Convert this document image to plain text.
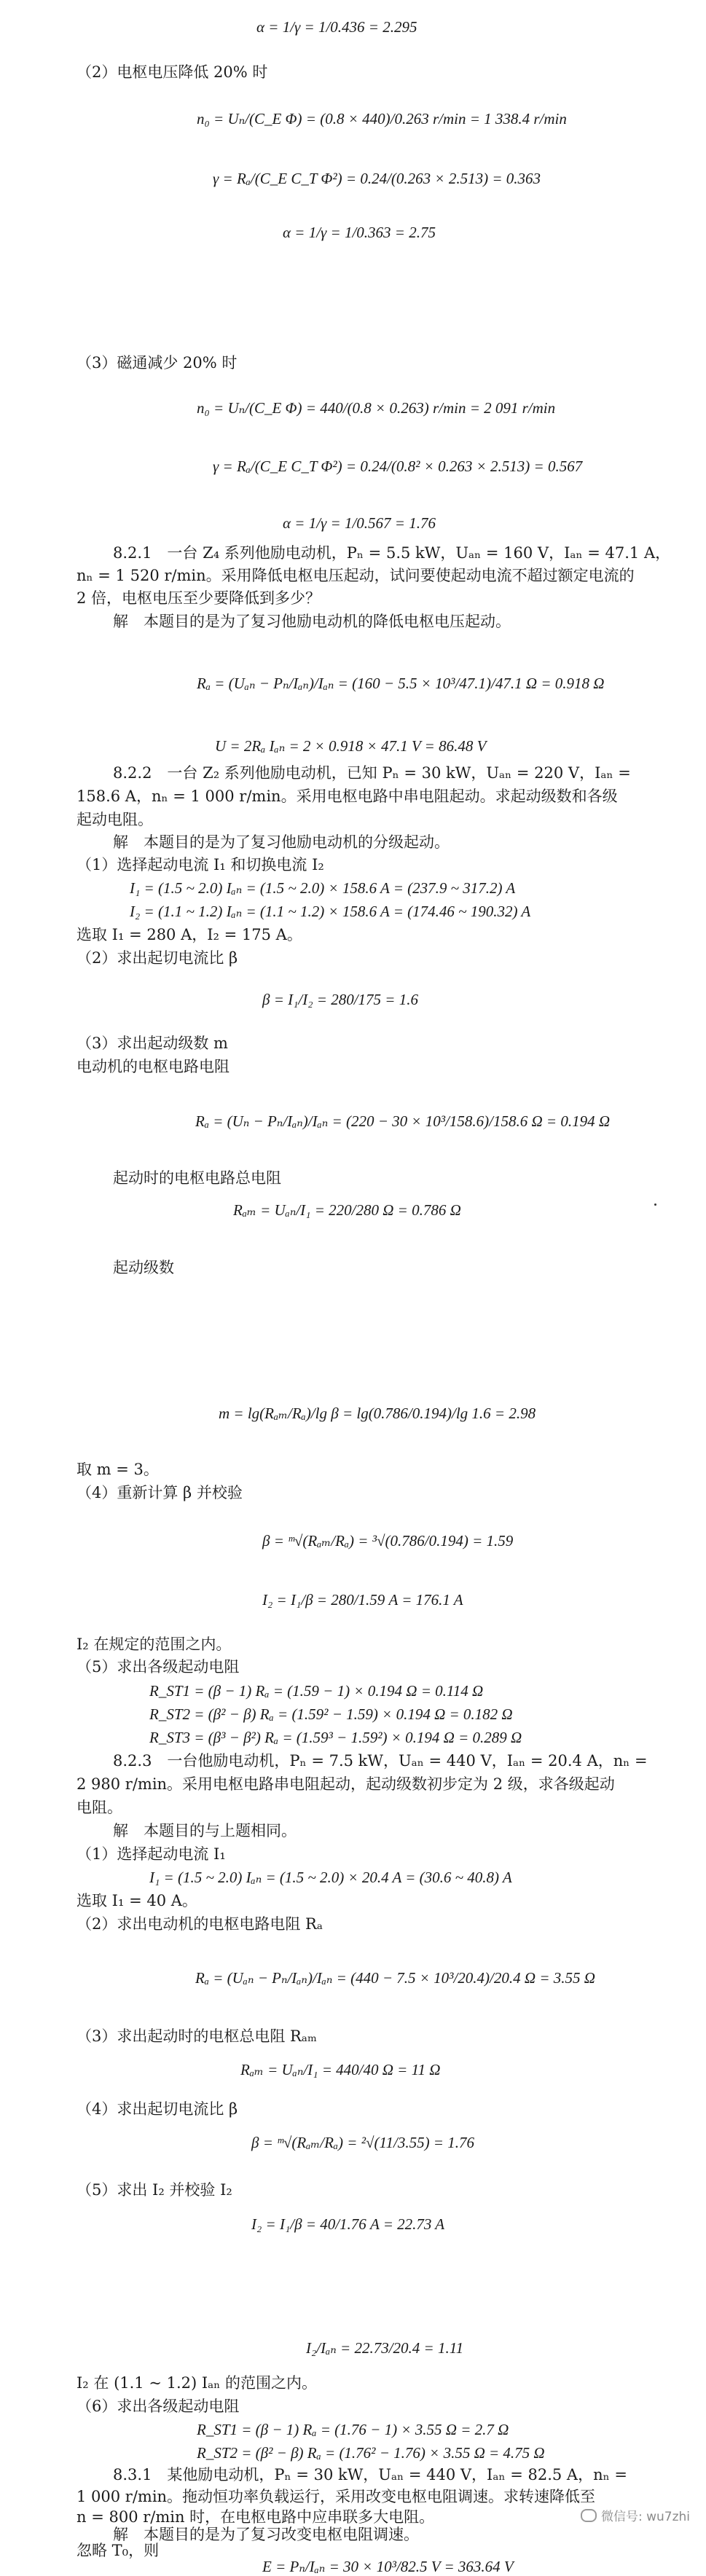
α = 1/γ = 1/0.436 = 2.295
（2）电枢电压降低 20% 时
n₀ = Uₙ/(C_E Φ) = (0.8 × 440)/0.263 r/min = 1 338.4 r/min
γ = Rₐ/(C_E C_T Φ²) = 0.24/(0.263 × 2.513) = 0.363
α = 1/γ = 1/0.363 = 2.75
（3）磁通减少 20% 时
n₀ = Uₙ/(C_E Φ) = 440/(0.8 × 0.263) r/min = 2 091 r/min
γ = Rₐ/(C_E C_T Φ²) = 0.24/(0.8² × 0.263 × 2.513) = 0.567
α = 1/γ = 1/0.567 = 1.76
8.2.1　一台 Z₄ 系列他励电动机，Pₙ = 5.5 kW，Uₐₙ = 160 V，Iₐₙ = 47.1 A，
nₙ = 1 520 r/min。采用降低电枢电压起动，试问要使起动电流不超过额定电流的
2 倍，电枢电压至少要降低到多少？
解　本题目的是为了复习他励电动机的降低电枢电压起动。
Rₐ = (Uₐₙ − Pₙ/Iₐₙ)/Iₐₙ = (160 − 5.5 × 10³/47.1)/47.1 Ω = 0.918 Ω
U = 2Rₐ Iₐₙ = 2 × 0.918 × 47.1 V = 86.48 V
8.2.2　一台 Z₂ 系列他励电动机，已知 Pₙ = 30 kW，Uₐₙ = 220 V，Iₐₙ =
158.6 A，nₙ = 1 000 r/min。采用电枢电路中串电阻起动。求起动级数和各级
起动电阻。
解　本题目的是为了复习他励电动机的分级起动。
（1）选择起动电流 I₁ 和切换电流 I₂
I₁ = (1.5 ~ 2.0) Iₐₙ = (1.5 ~ 2.0) × 158.6 A = (237.9 ~ 317.2) A
I₂ = (1.1 ~ 1.2) Iₐₙ = (1.1 ~ 1.2) × 158.6 A = (174.46 ~ 190.32) A
选取 I₁ = 280 A，I₂ = 175 A。
（2）求出起切电流比 β
β = I₁/I₂ = 280/175 = 1.6
（3）求出起动级数 m
电动机的电枢电路电阻
Rₐ = (Uₙ − Pₙ/Iₐₙ)/Iₐₙ = (220 − 30 × 10³/158.6)/158.6 Ω = 0.194 Ω
起动时的电枢电路总电阻
Rₐₘ = Uₐₙ/I₁ = 220/280 Ω = 0.786 Ω
起动级数
m = lg(Rₐₘ/Rₐ)/lg β = lg(0.786/0.194)/lg 1.6 = 2.98
取 m = 3。
（4）重新计算 β 并校验
β = ᵐ√(Rₐₘ/Rₐ) = ³√(0.786/0.194) = 1.59
I₂ = I₁/β = 280/1.59 A = 176.1 A
I₂ 在规定的范围之内。
（5）求出各级起动电阻
R_ST1 = (β − 1) Rₐ = (1.59 − 1) × 0.194 Ω = 0.114 Ω
R_ST2 = (β² − β) Rₐ = (1.59² − 1.59) × 0.194 Ω = 0.182 Ω
R_ST3 = (β³ − β²) Rₐ = (1.59³ − 1.59²) × 0.194 Ω = 0.289 Ω
8.2.3　一台他励电动机，Pₙ = 7.5 kW，Uₐₙ = 440 V，Iₐₙ = 20.4 A，nₙ =
2 980 r/min。采用电枢电路串电阻起动，起动级数初步定为 2 级，求各级起动
电阻。
解　本题目的与上题相同。
（1）选择起动电流 I₁
I₁ = (1.5 ~ 2.0) Iₐₙ = (1.5 ~ 2.0) × 20.4 A = (30.6 ~ 40.8) A
选取 I₁ = 40 A。
（2）求出电动机的电枢电路电阻 Rₐ
Rₐ = (Uₐₙ − Pₙ/Iₐₙ)/Iₐₙ = (440 − 7.5 × 10³/20.4)/20.4 Ω = 3.55 Ω
（3）求出起动时的电枢总电阻 Rₐₘ
Rₐₘ = Uₐₙ/I₁ = 440/40 Ω = 11 Ω
（4）求出起切电流比 β
β = ᵐ√(Rₐₘ/Rₐ) = ²√(11/3.55) = 1.76
（5）求出 I₂ 并校验 I₂
I₂ = I₁/β = 40/1.76 A = 22.73 A
I₂/Iₐₙ = 22.73/20.4 = 1.11
I₂ 在 (1.1 ~ 1.2) Iₐₙ 的范围之内。
（6）求出各级起动电阻
R_ST1 = (β − 1) Rₐ = (1.76 − 1) × 3.55 Ω = 2.7 Ω
R_ST2 = (β² − β) Rₐ = (1.76² − 1.76) × 3.55 Ω = 4.75 Ω
8.3.1　某他励电动机，Pₙ = 30 kW，Uₐₙ = 440 V，Iₐₙ = 82.5 A，nₙ =
1 000 r/min。拖动恒功率负载运行，采用改变电枢电阻调速。求转速降低至
n = 800 r/min 时，在电枢电路中应串联多大电阻。
解　本题目的是为了复习改变电枢电阻调速。
忽略 T₀，则
E = Pₙ/Iₐₙ = 30 × 10³/82.5 V = 363.64 V
微信号: wu7zhi
